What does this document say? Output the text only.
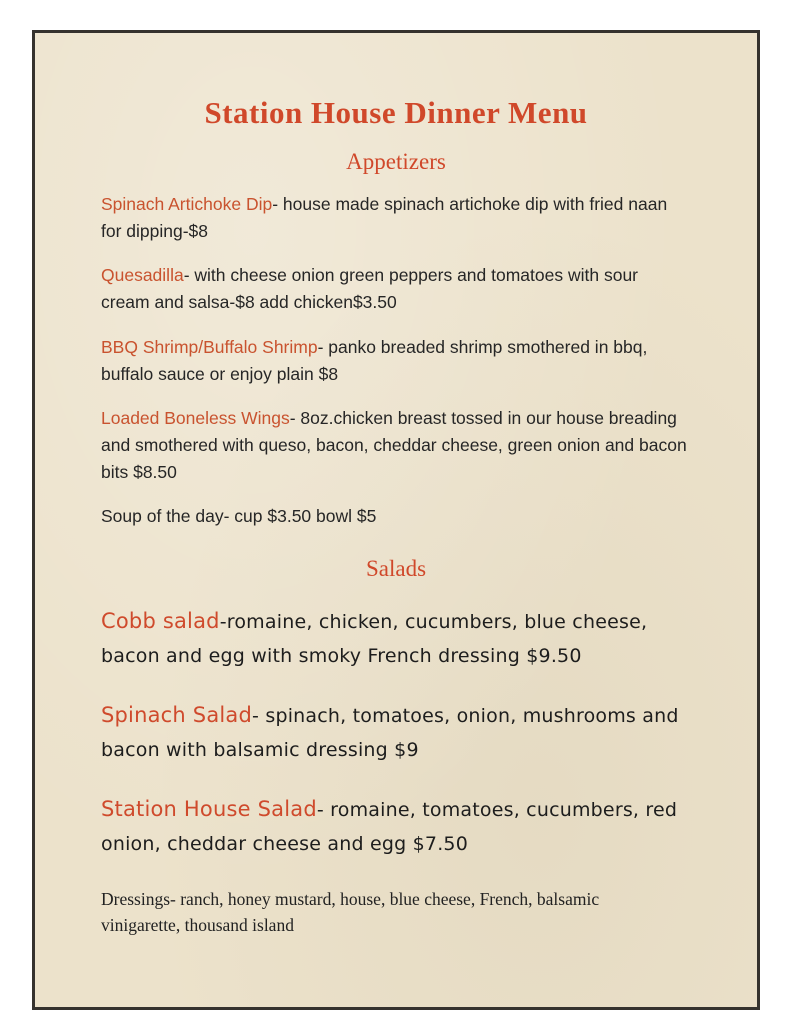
Station House Dinner Menu
Appetizers

Spinach Artichoke Dip- house made spinach artichoke dip with fried naan for dipping-$8

Quesadilla- with cheese onion green peppers and tomatoes with sour cream and salsa-$8 add chicken$3.50

BBQ Shrimp/Buffalo Shrimp- panko breaded shrimp smothered in bbq, buffalo sauce or enjoy plain $8

Loaded Boneless Wings- 8oz.chicken breast tossed in our house breading and smothered with queso, bacon, cheddar cheese, green onion and bacon bits $8.50

Soup of the day- cup $3.50 bowl $5

Salads

Cobb salad-romaine, chicken, cucumbers, blue cheese, bacon and egg with smoky French dressing $9.50

Spinach Salad- spinach, tomatoes, onion, mushrooms and bacon with balsamic dressing $9

Station House Salad- romaine, tomatoes, cucumbers, red onion, cheddar cheese and egg $7.50

Dressings- ranch, honey mustard, house, blue cheese, French, balsamic vinigarette, thousand island
